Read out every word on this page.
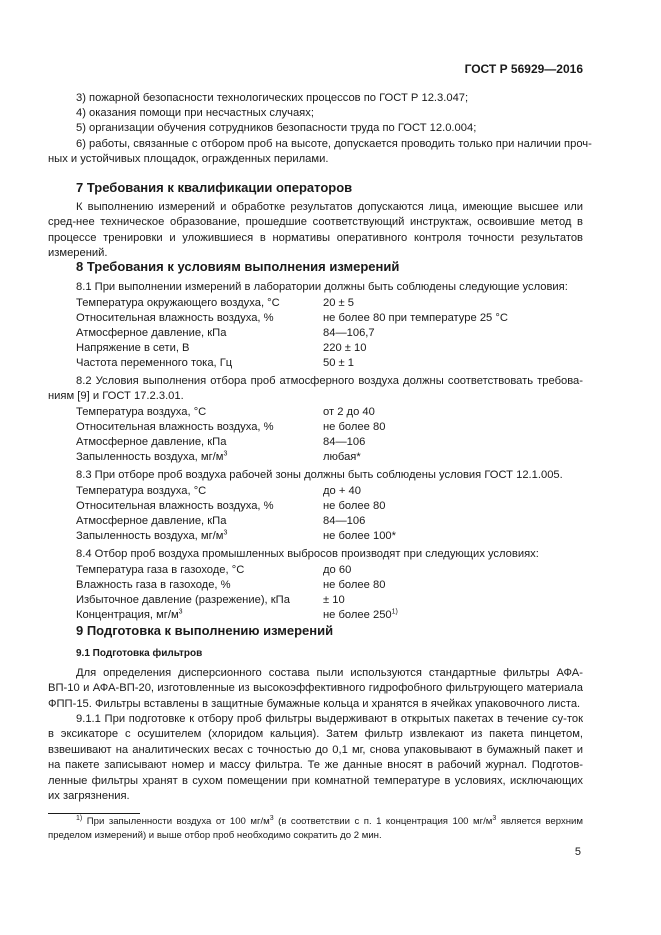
ГОСТ Р 56929—2016
3) пожарной безопасности технологических процессов по ГОСТ Р 12.3.047;
4) оказания помощи при несчастных случаях;
5) организации обучения сотрудников безопасности труда по ГОСТ 12.0.004;
6) работы, связанные с отбором проб на высоте, допускается проводить только при наличии проч-
ных и устойчивых площадок, огражденных перилами.
7 Требования к квалификации операторов
К выполнению измерений и обработке результатов допускаются лица, имеющие высшее или сред-нее техническое образование, прошедшие соответствующий инструктаж, освоившие метод в процессе тренировки и уложившиеся в нормативы оперативного контроля точности результатов измерений.
8 Требования к условиям выполнения измерений
8.1 При выполнении измерений в лаборатории должны быть соблюдены следующие условия:
Температура окружающего воздуха, °С	20 ± 5
Относительная влажность воздуха, %	не более 80 при температуре 25 °С
Атмосферное давление, кПа	84—106,7
Напряжение в сети, В	220 ± 10
Частота переменного тока, Гц	50 ± 1
8.2 Условия выполнения отбора проб атмосферного воздуха должны соответствовать требова-ниям [9] и ГОСТ 17.2.3.01.
Температура воздуха, °С	от 2 до 40
Относительная влажность воздуха, %	не более 80
Атмосферное давление, кПа	84—106
Запыленность воздуха, $мг/м^3$	любая*
8.3 При отборе проб воздуха рабочей зоны должны быть соблюдены условия ГОСТ 12.1.005.
Температура воздуха, °С	до + 40
Относительная влажность воздуха, %	не более 80
Атмосферное давление, кПа	84—106
Запыленность воздуха, $мг/м^3$	не более 100*
8.4 Отбор проб воздуха промышленных выбросов производят при следующих условиях:
Температура газа в газоходе, °С	до 60
Влажность газа в газоходе, %	не более 80
Избыточное давление (разрежение), кПа	± 10
Концентрация, $мг/м^3$	не более 250$^{1)}$
9 Подготовка к выполнению измерений
9.1 Подготовка фильтров
Для определения дисперсионного состава пыли используются стандартные фильтры АФА-ВП-10 и АФА-ВП-20, изготовленные из высокоэффективного гидрофобного фильтрующего материала ФПП-15. Фильтры вставлены в защитные бумажные кольца и хранятся в ячейках упаковочного листа.
9.1.1 При подготовке к отбору проб фильтры выдерживают в открытых пакетах в течение су-ток в эксикаторе с осушителем (хлоридом кальция). Затем фильтр извлекают из пакета пинцетом, взвешивают на аналитических весах с точностью до 0,1 мг, снова упаковывают в бумажный пакет и на пакете записывают номер и массу фильтра. Те же данные вносят в рабочий журнал. Подготов-ленные фильтры хранят в сухом помещении при комнатной температуре в условиях, исключающих их загрязнения.
$^{1)}$ При запыленности воздуха от 100 $мг/м^3$ (в соответствии с п. 1 концентрация 100 $мг/м^3$ является верхним пределом измерений) и выше отбор проб необходимо сократить до 2 мин.
5
